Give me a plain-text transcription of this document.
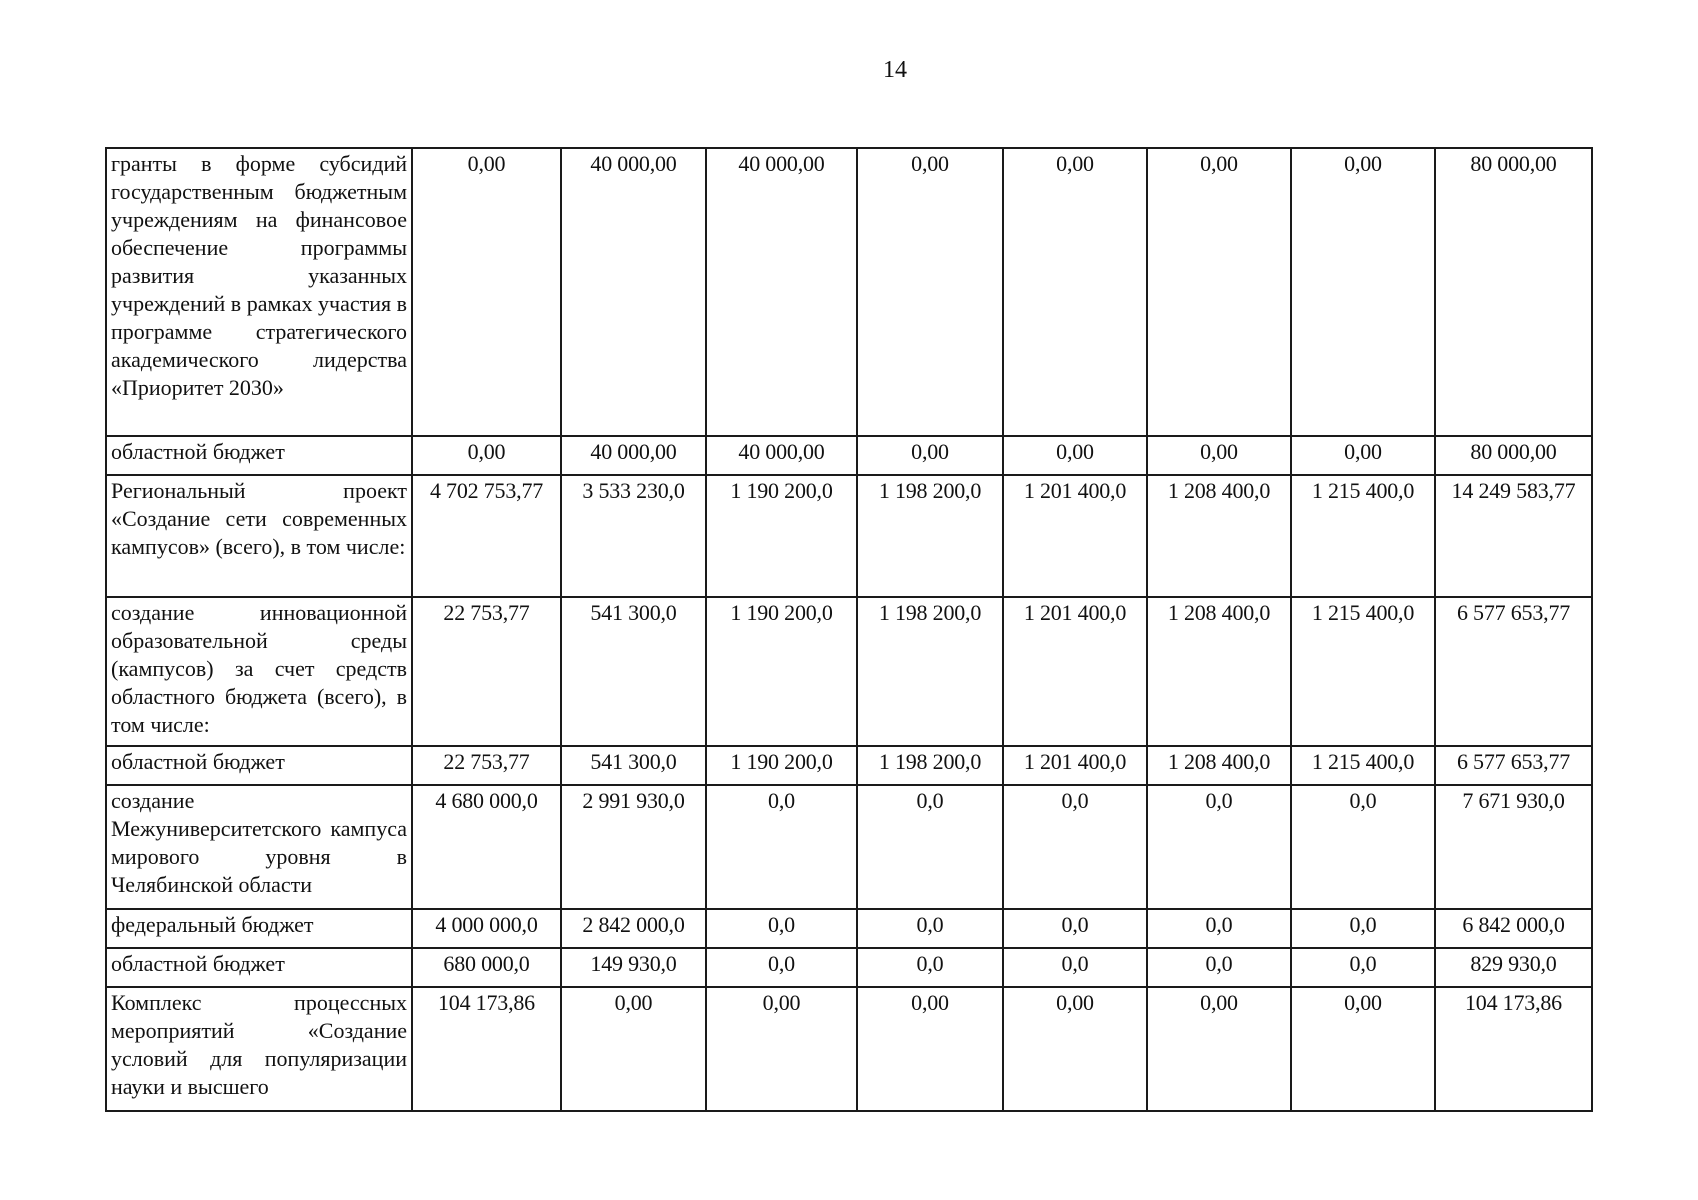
14
гранты в форме субсидий государственным бюджетным учреждениям на финансовое обеспечение программы развития указанных учреждений в рамках участия в программе стратегического академического лидерства «Приоритет 2030»	0,00	40 000,00	40 000,00	0,00	0,00	0,00	0,00	80 000,00
областной бюджет	0,00	40 000,00	40 000,00	0,00	0,00	0,00	0,00	80 000,00
Региональный проект «Создание сети современных кампусов» (всего), в том числе:	4 702 753,77	3 533 230,0	1 190 200,0	1 198 200,0	1 201 400,0	1 208 400,0	1 215 400,0	14 249 583,77
создание инновационной образовательной среды (кампусов) за счет средств областного бюджета (всего), в том числе:	22 753,77	541 300,0	1 190 200,0	1 198 200,0	1 201 400,0	1 208 400,0	1 215 400,0	6 577 653,77
областной бюджет	22 753,77	541 300,0	1 190 200,0	1 198 200,0	1 201 400,0	1 208 400,0	1 215 400,0	6 577 653,77
создание Межуниверситетского кампуса мирового уровня в Челябинской области	4 680 000,0	2 991 930,0	0,0	0,0	0,0	0,0	0,0	7 671 930,0
федеральный бюджет	4 000 000,0	2 842 000,0	0,0	0,0	0,0	0,0	0,0	6 842 000,0
областной бюджет	680 000,0	149 930,0	0,0	0,0	0,0	0,0	0,0	829 930,0
Комплекс процессных мероприятий «Создание условий для популяризации науки и высшего	104 173,86	0,00	0,00	0,00	0,00	0,00	0,00	104 173,86
